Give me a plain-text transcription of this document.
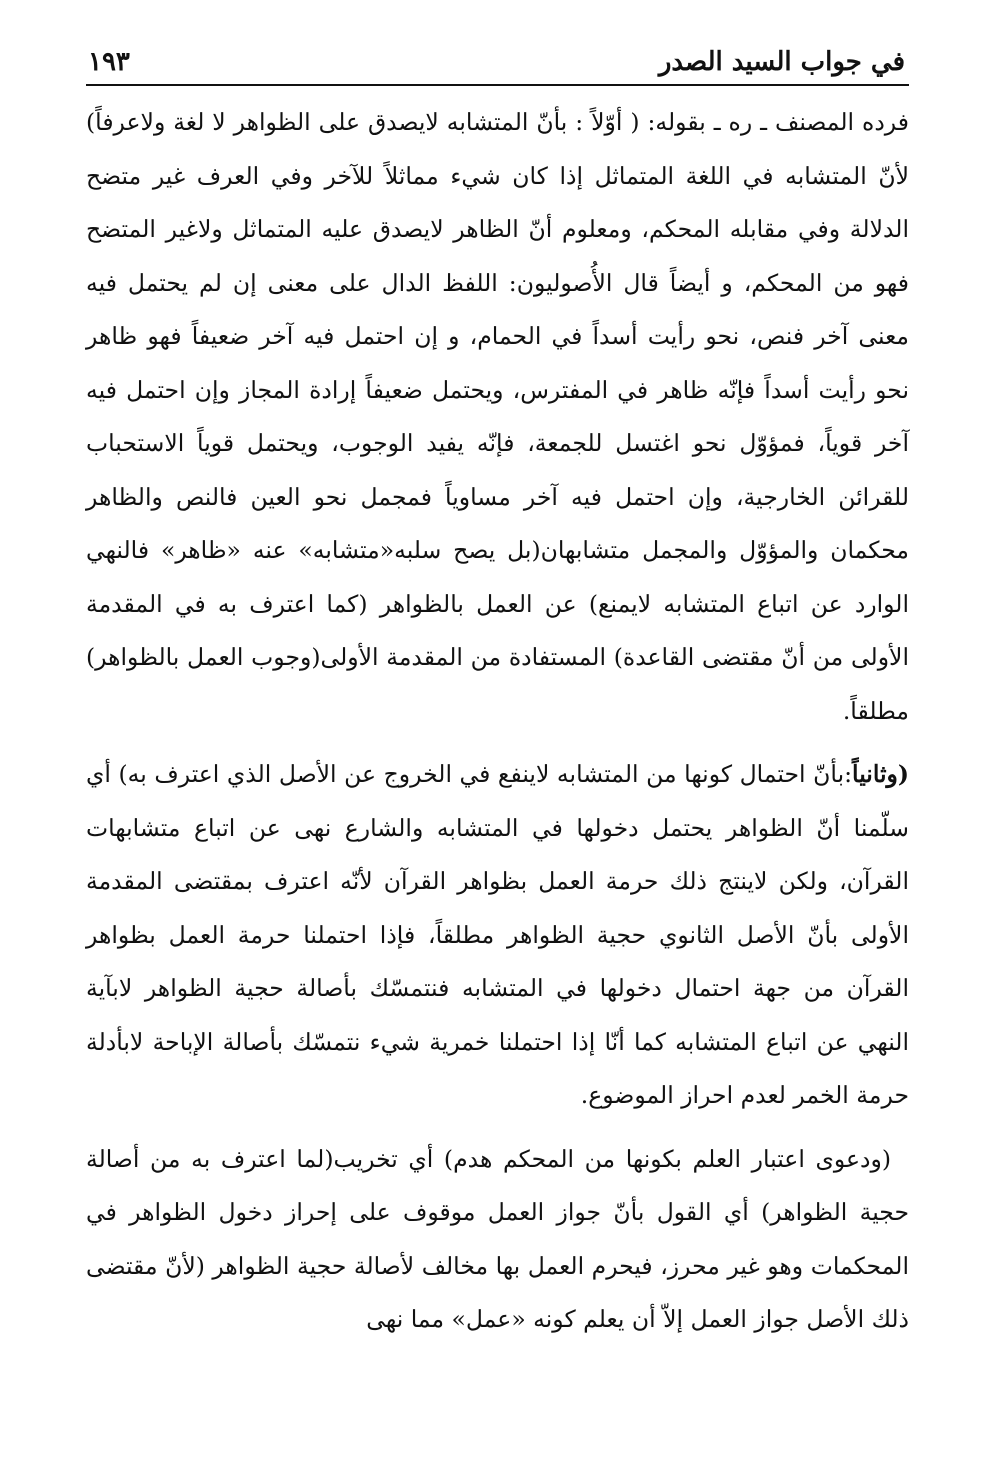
في جواب السيد الصدر
١٩٣

فرده المصنف ـ ره ـ بقوله: ( أوّلاً : بأنّ المتشابه لايصدق على الظواهر لا لغة ولاعرفاً) لأنّ المتشابه في اللغة المتماثل إذا كان شيء مماثلاً للآخر وفي العرف غير متضح الدلالة وفي مقابله المحكم، ومعلوم أنّ الظاهر لايصدق عليه المتماثل ولاغير المتضح فهو من المحكم، و أيضاً قال الأُصوليون: اللفظ الدال على معنى إن لم يحتمل فيه معنى آخر فنص، نحو رأيت أسداً في الحمام، و إن احتمل فيه آخر ضعيفاً فهو ظاهر نحو رأيت أسداً فإنّه ظاهر في المفترس، ويحتمل ضعيفاً إرادة المجاز وإن احتمل فيه آخر قوياً، فمؤوّل نحو اغتسل للجمعة، فإنّه يفيد الوجوب، ويحتمل قوياً الاستحباب للقرائن الخارجية، وإن احتمل فيه آخر مساوياً فمجمل نحو العين فالنص والظاهر محكمان والمؤوّل والمجمل متشابهان(بل يصح سلبه«متشابه» عنه «ظاهر» فالنهي الوارد عن اتباع المتشابه لايمنع) عن العمل بالظواهر (كما اعترف به في المقدمة الأولى من أنّ مقتضى القاعدة) المستفادة من المقدمة الأولى(وجوب العمل بالظواهر) مطلقاً.

(وثانياً:بأنّ احتمال كونها من المتشابه لاينفع في الخروج عن الأصل الذي اعترف به) أي سلّمنا أنّ الظواهر يحتمل دخولها في المتشابه والشارع نهى عن اتباع متشابهات القرآن، ولكن لاينتج ذلك حرمة العمل بظواهر القرآن لأنّه اعترف بمقتضى المقدمة الأولى بأنّ الأصل الثانوي حجية الظواهر مطلقاً، فإذا احتملنا حرمة العمل بظواهر القرآن من جهة احتمال دخولها في المتشابه فنتمسّك بأصالة حجية الظواهر لابآية النهي عن اتباع المتشابه كما أنّا إذا احتملنا خمرية شيء نتمسّك بأصالة الإباحة لابأدلة حرمة الخمر لعدم احراز الموضوع.

(ودعوى اعتبار العلم بكونها من المحكم هدم) أي تخريب(لما اعترف به من أصالة حجية الظواهر) أي القول بأنّ جواز العمل موقوف على إحراز دخول الظواهر في المحكمات وهو غير محرز، فيحرم العمل بها مخالف لأصالة حجية الظواهر (لأنّ مقتضى ذلك الأصل جواز العمل إلاّ أن يعلم كونه «عمل» مما نهى
